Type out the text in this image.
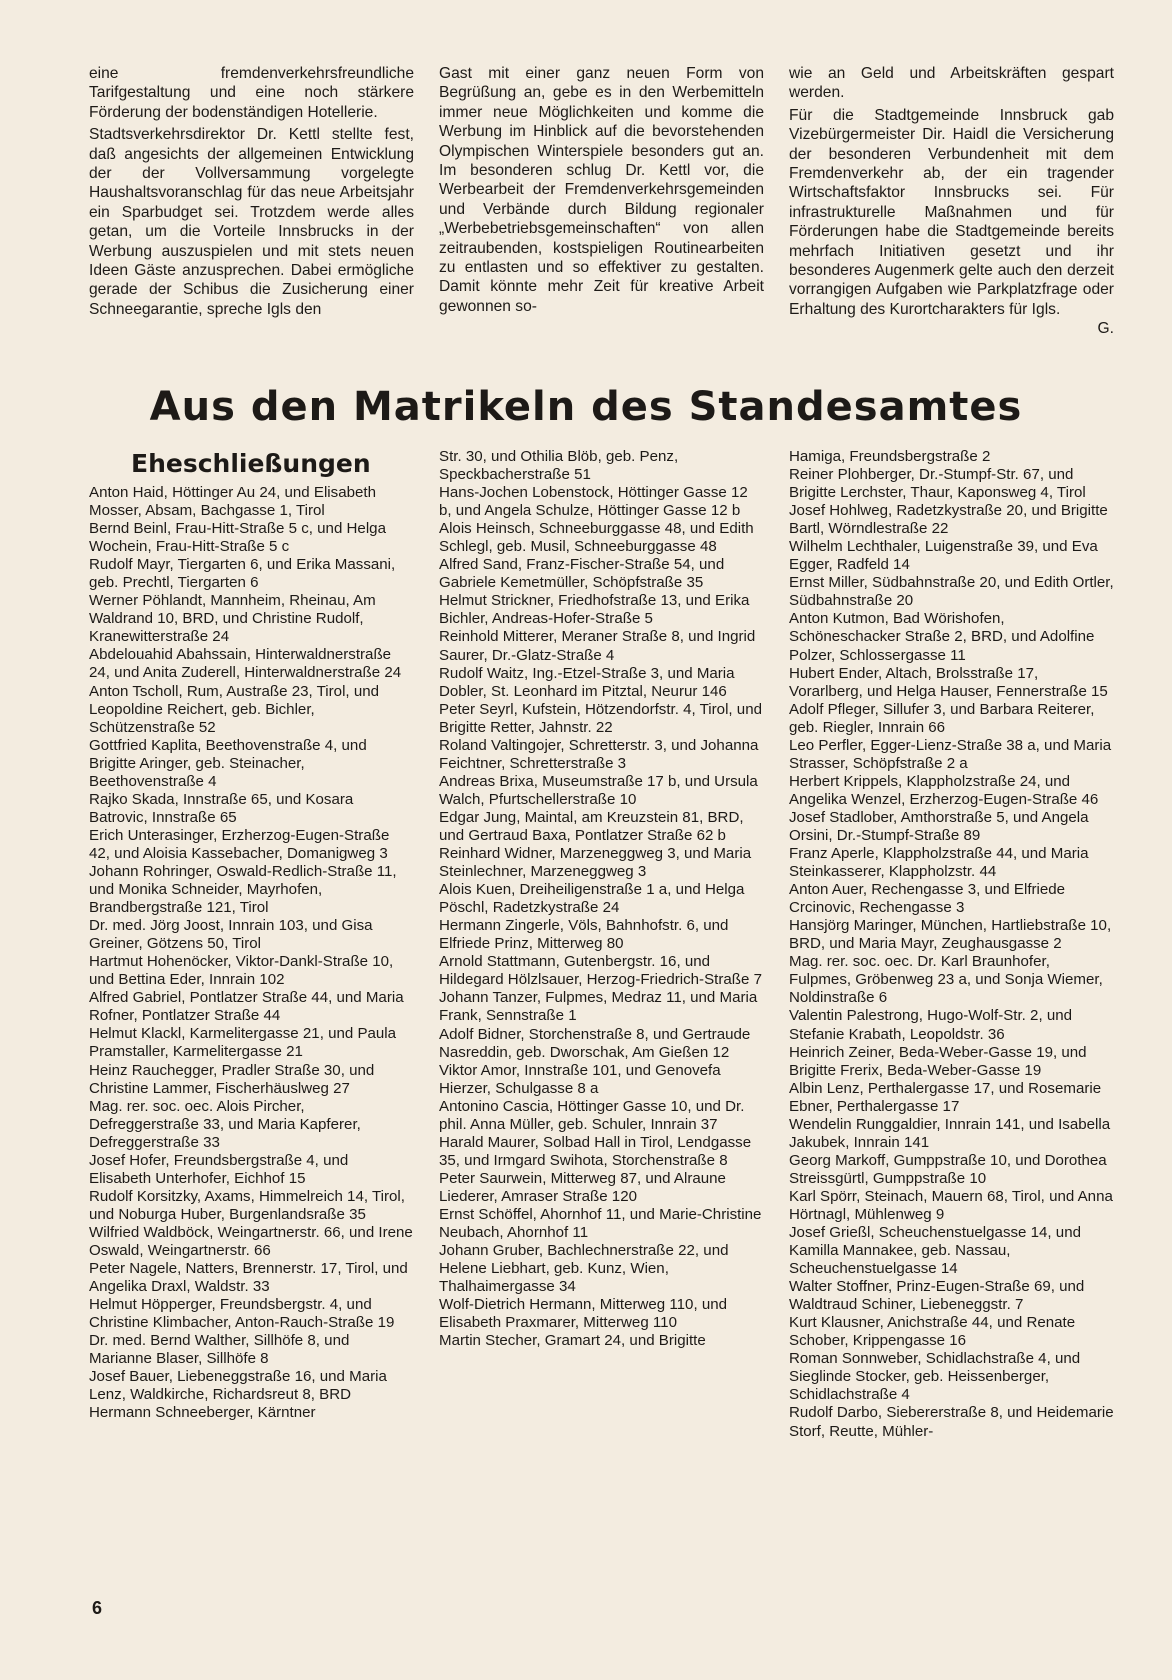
eine fremdenverkehrsfreundliche Tarifgestaltung und eine noch stärkere Förderung der bodenständigen Hotellerie.

Stadtsverkehrsdirektor Dr. Kettl stellte fest, daß angesichts der allgemeinen Entwicklung der der Vollversammung vorgelegte Haushaltsvoranschlag für das neue Arbeitsjahr ein Sparbudget sei. Trotzdem werde alles getan, um die Vorteile Innsbrucks in der Werbung auszuspielen und mit stets neuen Ideen Gäste anzusprechen. Dabei ermögliche gerade der Schibus die Zusicherung einer Schneegarantie, spreche Igls den

Gast mit einer ganz neuen Form von Begrüßung an, gebe es in den Werbemitteln immer neue Möglichkeiten und komme die Werbung im Hinblick auf die bevorstehenden Olympischen Winterspiele besonders gut an. Im besonderen schlug Dr. Kettl vor, die Werbearbeit der Fremdenverkehrsgemeinden und Verbände durch Bildung regionaler „Werbebetriebsgemeinschaften“ von allen zeitraubenden, kostspieligen Routinearbeiten zu entlasten und so effektiver zu gestalten. Damit könnte mehr Zeit für kreative Arbeit gewonnen so-

wie an Geld und Arbeitskräften gespart werden.

Für die Stadtgemeinde Innsbruck gab Vizebürgermeister Dir. Haidl die Versicherung der besonderen Verbundenheit mit dem Fremdenverkehr ab, der ein tragender Wirtschaftsfaktor Innsbrucks sei. Für infrastrukturelle Maßnahmen und für Förderungen habe die Stadtgemeinde bereits mehrfach Initiativen gesetzt und ihr besonderes Augenmerk gelte auch den derzeit vorrangigen Aufgaben wie Parkplatzfrage oder Erhaltung des Kurortcharakters für Igls.

G.

Aus den Matrikeln des Standesamtes
Eheschließungen

Anton Haid, Höttinger Au 24, und Elisabeth Mosser, Absam, Bachgasse 1, Tirol

Bernd Beinl, Frau-Hitt-Straße 5 c, und Helga Wochein, Frau-Hitt-Straße 5 c

Rudolf Mayr, Tiergarten 6, und Erika Massani, geb. Prechtl, Tiergarten 6

Werner Pöhlandt, Mannheim, Rheinau, Am Waldrand 10, BRD, und Christine Rudolf, Kranewitterstraße 24

Abdelouahid Abahssain, Hinterwaldnerstraße 24, und Anita Zuderell, Hinterwaldnerstraße 24

Anton Tscholl, Rum, Austraße 23, Tirol, und Leopoldine Reichert, geb. Bichler, Schützenstraße 52

Gottfried Kaplita, Beethovenstraße 4, und Brigitte Aringer, geb. Steinacher, Beethovenstraße 4

Rajko Skada, Innstraße 65, und Kosara Batrovic, Innstraße 65

Erich Unterasinger, Erzherzog-Eugen-Straße 42, und Aloisia Kassebacher, Domanigweg 3

Johann Rohringer, Oswald-Redlich-Straße 11, und Monika Schneider, Mayrhofen, Brandbergstraße 121, Tirol

Dr. med. Jörg Joost, Innrain 103, und Gisa Greiner, Götzens 50, Tirol

Hartmut Hohenöcker, Viktor-Dankl-Straße 10, und Bettina Eder, Innrain 102

Alfred Gabriel, Pontlatzer Straße 44, und Maria Rofner, Pontlatzer Straße 44

Helmut Klackl, Karmelitergasse 21, und Paula Pramstaller, Karmelitergasse 21

Heinz Rauchegger, Pradler Straße 30, und Christine Lammer, Fischerhäuslweg 27

Mag. rer. soc. oec. Alois Pircher, Defreggerstraße 33, und Maria Kapferer, Defreggerstraße 33

Josef Hofer, Freundsbergstraße 4, und Elisabeth Unterhofer, Eichhof 15

Rudolf Korsitzky, Axams, Himmelreich 14, Tirol, und Noburga Huber, Burgenlandsraße 35

Wilfried Waldböck, Weingartnerstr. 66, und Irene Oswald, Weingartnerstr. 66

Peter Nagele, Natters, Brennerstr. 17, Tirol, und Angelika Draxl, Waldstr. 33

Helmut Höpperger, Freundsbergstr. 4, und Christine Klimbacher, Anton-Rauch-Straße 19

Dr. med. Bernd Walther, Sillhöfe 8, und Marianne Blaser, Sillhöfe 8

Josef Bauer, Liebeneggstraße 16, und Maria Lenz, Waldkirche, Richardsreut 8, BRD

Hermann Schneeberger, Kärntner

Str. 30, und Othilia Blöb, geb. Penz, Speckbacherstraße 51

Hans-Jochen Lobenstock, Höttinger Gasse 12 b, und Angela Schulze, Höttinger Gasse 12 b

Alois Heinsch, Schneeburggasse 48, und Edith Schlegl, geb. Musil, Schneeburggasse 48

Alfred Sand, Franz-Fischer-Straße 54, und Gabriele Kemetmüller, Schöpfstraße 35

Helmut Strickner, Friedhofstraße 13, und Erika Bichler, Andreas-Hofer-Straße 5

Reinhold Mitterer, Meraner Straße 8, und Ingrid Saurer, Dr.-Glatz-Straße 4

Rudolf Waitz, Ing.-Etzel-Straße 3, und Maria Dobler, St. Leonhard im Pitztal, Neurur 146

Peter Seyrl, Kufstein, Hötzendorfstr. 4, Tirol, und Brigitte Retter, Jahnstr. 22

Roland Valtingojer, Schretterstr. 3, und Johanna Feichtner, Schretterstraße 3

Andreas Brixa, Museumstraße 17 b, und Ursula Walch, Pfurtschellerstraße 10

Edgar Jung, Maintal, am Kreuzstein 81, BRD, und Gertraud Baxa, Pontlatzer Straße 62 b

Reinhard Widner, Marzeneggweg 3, und Maria Steinlechner, Marzeneggweg 3

Alois Kuen, Dreiheiligenstraße 1 a, und Helga Pöschl, Radetzkystraße 24

Hermann Zingerle, Völs, Bahnhofstr. 6, und Elfriede Prinz, Mitterweg 80

Arnold Stattmann, Gutenbergstr. 16, und Hildegard Hölzlsauer, Herzog-Friedrich-Straße 7

Johann Tanzer, Fulpmes, Medraz 11, und Maria Frank, Sennstraße 1

Adolf Bidner, Storchenstraße 8, und Gertraude Nasreddin, geb. Dworschak, Am Gießen 12

Viktor Amor, Innstraße 101, und Genovefa Hierzer, Schulgasse 8 a

Antonino Cascia, Höttinger Gasse 10, und Dr. phil. Anna Müller, geb. Schuler, Innrain 37

Harald Maurer, Solbad Hall in Tirol, Lendgasse 35, und Irmgard Swihota, Storchenstraße 8

Peter Saurwein, Mitterweg 87, und Alraune Liederer, Amraser Straße 120

Ernst Schöffel, Ahornhof 11, und Marie-Christine Neubach, Ahornhof 11

Johann Gruber, Bachlechnerstraße 22, und Helene Liebhart, geb. Kunz, Wien, Thalhaimergasse 34

Wolf-Dietrich Hermann, Mitterweg 110, und Elisabeth Praxmarer, Mitterweg 110

Martin Stecher, Gramart 24, und Brigitte

Hamiga, Freundsbergstraße 2

Reiner Plohberger, Dr.-Stumpf-Str. 67, und Brigitte Lerchster, Thaur, Kaponsweg 4, Tirol

Josef Hohlweg, Radetzkystraße 20, und Brigitte Bartl, Wörndlestraße 22

Wilhelm Lechthaler, Luigenstraße 39, und Eva Egger, Radfeld 14

Ernst Miller, Südbahnstraße 20, und Edith Ortler, Südbahnstraße 20

Anton Kutmon, Bad Wörishofen, Schöneschacker Straße 2, BRD, und Adolfine Polzer, Schlossergasse 11

Hubert Ender, Altach, Brolsstraße 17, Vorarlberg, und Helga Hauser, Fennerstraße 15

Adolf Pfleger, Sillufer 3, und Barbara Reiterer, geb. Riegler, Innrain 66

Leo Perfler, Egger-Lienz-Straße 38 a, und Maria Strasser, Schöpfstraße 2 a

Herbert Krippels, Klappholzstraße 24, und Angelika Wenzel, Erzherzog-Eugen-Straße 46

Josef Stadlober, Amthorstraße 5, und Angela Orsini, Dr.-Stumpf-Straße 89

Franz Aperle, Klappholzstraße 44, und Maria Steinkasserer, Klappholzstr. 44

Anton Auer, Rechengasse 3, und Elfriede Crcinovic, Rechengasse 3

Hansjörg Maringer, München, Hartliebstraße 10, BRD, und Maria Mayr, Zeughausgasse 2

Mag. rer. soc. oec. Dr. Karl Braunhofer, Fulpmes, Gröbenweg 23 a, und Sonja Wiemer, Noldinstraße 6

Valentin Palestrong, Hugo-Wolf-Str. 2, und Stefanie Krabath, Leopoldstr. 36

Heinrich Zeiner, Beda-Weber-Gasse 19, und Brigitte Frerix, Beda-Weber-Gasse 19

Albin Lenz, Perthalergasse 17, und Rosemarie Ebner, Perthalergasse 17

Wendelin Runggaldier, Innrain 141, und Isabella Jakubek, Innrain 141

Georg Markoff, Gumppstraße 10, und Dorothea Streissgürtl, Gumppstraße 10

Karl Spörr, Steinach, Mauern 68, Tirol, und Anna Hörtnagl, Mühlenweg 9

Josef Grießl, Scheuchenstuelgasse 14, und Kamilla Mannakee, geb. Nassau, Scheuchenstuelgasse 14

Walter Stoffner, Prinz-Eugen-Straße 69, und Waldtraud Schiner, Liebeneggstr. 7

Kurt Klausner, Anichstraße 44, und Renate Schober, Krippengasse 16

Roman Sonnweber, Schidlachstraße 4, und Sieglinde Stocker, geb. Heissenberger, Schidlachstraße 4

Rudolf Darbo, Siebererstraße 8, und Heidemarie Storf, Reutte, Mühler-

6
